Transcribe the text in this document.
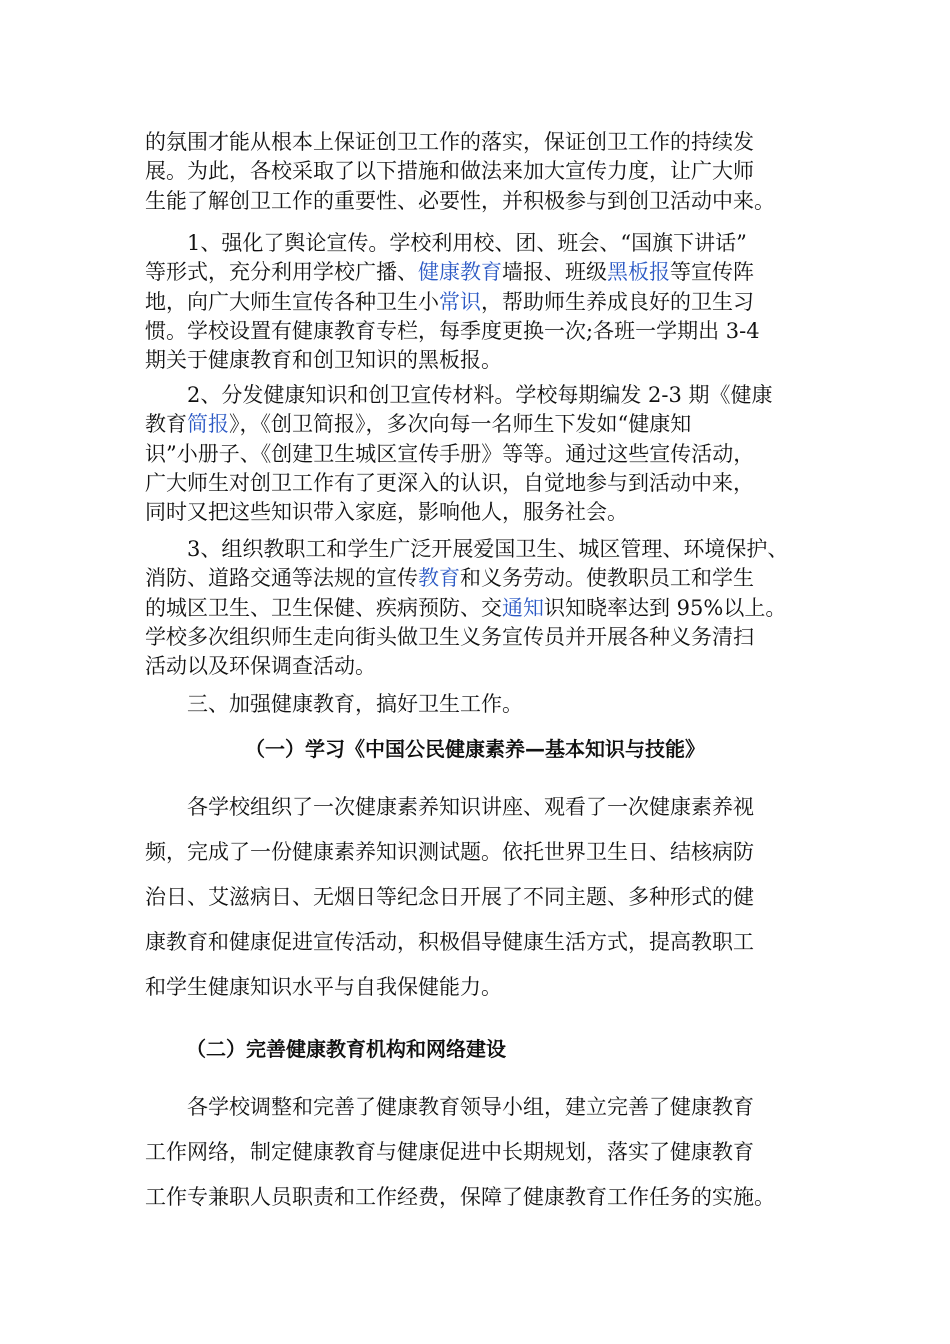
的氛围才能从根本上保证创卫工作的落实，保证创卫工作的持续发
展。为此，各校采取了以下措施和做法来加大宣传力度，让广大师
生能了解创卫工作的重要性、必要性，并积极参与到创卫活动中来。
1、强化了舆论宣传。学校利用校、团、班会、“国旗下讲话”
等形式，充分利用学校广播、健康教育墙报、班级黑板报等宣传阵
地，向广大师生宣传各种卫生小常识，帮助师生养成良好的卫生习
惯。学校设置有健康教育专栏，每季度更换一次;各班一学期出 3-4
期关于健康教育和创卫知识的黑板报。
2、分发健康知识和创卫宣传材料。学校每期编发 2-3 期《健康
教育简报》，《创卫简报》，多次向每一名师生下发如“健康知
识”小册子、《创建卫生城区宣传手册》等等。通过这些宣传活动，
广大师生对创卫工作有了更深入的认识，自觉地参与到活动中来，
同时又把这些知识带入家庭，影响他人，服务社会。
3、组织教职工和学生广泛开展爱国卫生、城区管理、环境保护、
消防、道路交通等法规的宣传教育和义务劳动。使教职员工和学生
的城区卫生、卫生保健、疾病预防、交通知识知晓率达到 95%以上。
学校多次组织师生走向街头做卫生义务宣传员并开展各种义务清扫
活动以及环保调查活动。
三、加强健康教育，搞好卫生工作。
（一）学习《中国公民健康素养—基本知识与技能》
各学校组织了一次健康素养知识讲座、观看了一次健康素养视
频，完成了一份健康素养知识测试题。依托世界卫生日、结核病防
治日、艾滋病日、无烟日等纪念日开展了不同主题、多种形式的健
康教育和健康促进宣传活动，积极倡导健康生活方式，提高教职工
和学生健康知识水平与自我保健能力。
（二）完善健康教育机构和网络建设
各学校调整和完善了健康教育领导小组，建立完善了健康教育
工作网络，制定健康教育与健康促进中长期规划，落实了健康教育
工作专兼职人员职责和工作经费，保障了健康教育工作任务的实施。
